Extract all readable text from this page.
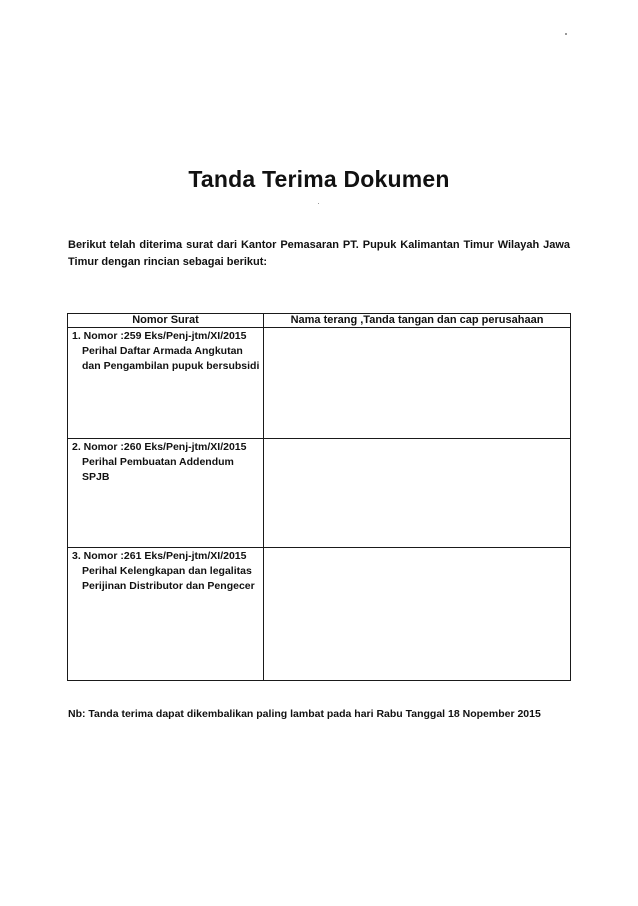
Tanda Terima Dokumen
Berikut telah diterima surat dari Kantor Pemasaran PT. Pupuk Kalimantan Timur Wilayah Jawa Timur dengan rincian sebagai berikut:
Nomor Surat	Nama terang ,Tanda tangan dan cap perusahaan

1. Nomor :259 Eks/Penj-jtm/XI/2015
Perihal Daftar Armada Angkutan
dan Pengambilan pupuk bersubsidi	

2. Nomor :260 Eks/Penj-jtm/XI/2015
Perihal Pembuatan Addendum
SPJB	

3. Nomor :261 Eks/Penj-jtm/XI/2015
Perihal Kelengkapan dan legalitas
Perijinan Distributor dan Pengecer	

Nb: Tanda terima dapat dikembalikan paling lambat pada hari Rabu Tanggal 18 Nopember 2015
